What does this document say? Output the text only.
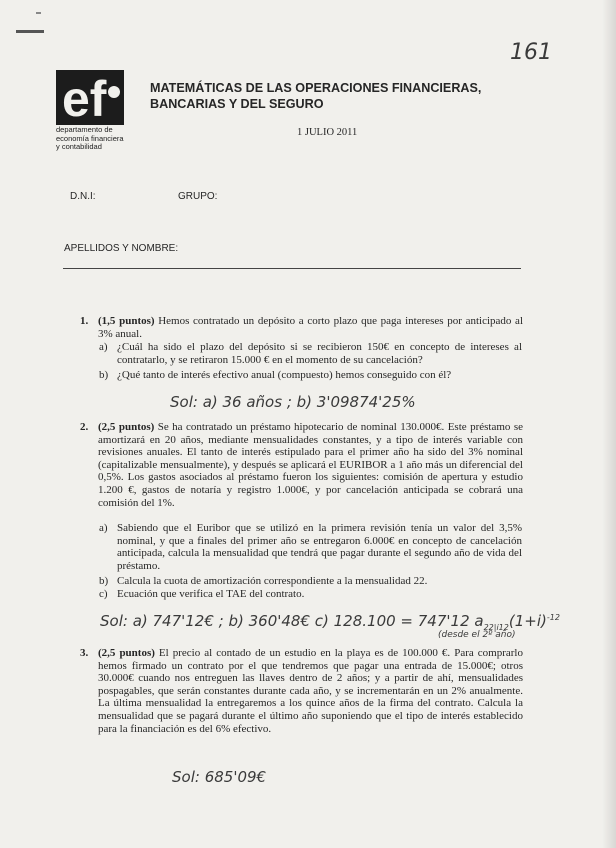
161
ef
departamento de
economía financiera
y contabilidad
MATEMÁTICAS DE LAS OPERACIONES FINANCIERAS,
BANCARIAS Y DEL SEGURO
1 JULIO 2011
D.N.I:	GRUPO:
APELLIDOS Y NOMBRE:
1. (1,5 puntos) Hemos contratado un depósito a corto plazo que paga intereses por anticipado al 3% anual.
a) ¿Cuál ha sido el plazo del depósito si se recibieron 150€ en concepto de intereses al contratarlo, y se retiraron 15.000 € en el momento de su cancelación?
b) ¿Qué tanto de interés efectivo anual (compuesto) hemos conseguido con él?
Sol: a) 36 años ; b) 3'09874'25%
2. (2,5 puntos) Se ha contratado un préstamo hipotecario de nominal 130.000€. Este préstamo se amortizará en 20 años, mediante mensualidades constantes, y a tipo de interés variable con revisiones anuales. El tanto de interés estipulado para el primer año ha sido del 3% nominal (capitalizable mensualmente), y después se aplicará el EURIBOR a 1 año más un diferencial del 0,5%. Los gastos asociados al préstamo fueron los siguientes: comisión de apertura y estudio 1.200 €, gastos de notaría y registro 1.000€, y por cancelación anticipada se cobrará una comisión del 1%.
a) Sabiendo que el Euribor que se utilizó en la primera revisión tenía un valor del 3,5% nominal, y que a finales del primer año se entregaron 6.000€ en concepto de cancelación anticipada, calcula la mensualidad que tendrá que pagar durante el segundo año de vida del préstamo.
b) Calcula la cuota de amortización correspondiente a la mensualidad 22.
c) Ecuación que verifica el TAE del contrato.
Sol: a) 747'12€ ; b) 360'48€ c) 128.100 = 747'12 $a_{22|i12}(1+i)^{-12}$
(desde el 2º año)
3. (2,5 puntos) El precio al contado de un estudio en la playa es de 100.000 €. Para comprarlo hemos firmado un contrato por el que tendremos que pagar una entrada de 15.000€; otros 30.000€ cuando nos entreguen las llaves dentro de 2 años; y a partir de ahí, mensualidades pospagables, que serán constantes durante cada año, y se incrementarán en un 2% anualmente. La última mensualidad la entregaremos a los quince años de la firma del contrato. Calcula la mensualidad que se pagará durante el último año suponiendo que el tipo de interés establecido para la financiación es del 6% efectivo.
Sol: 685'09€
